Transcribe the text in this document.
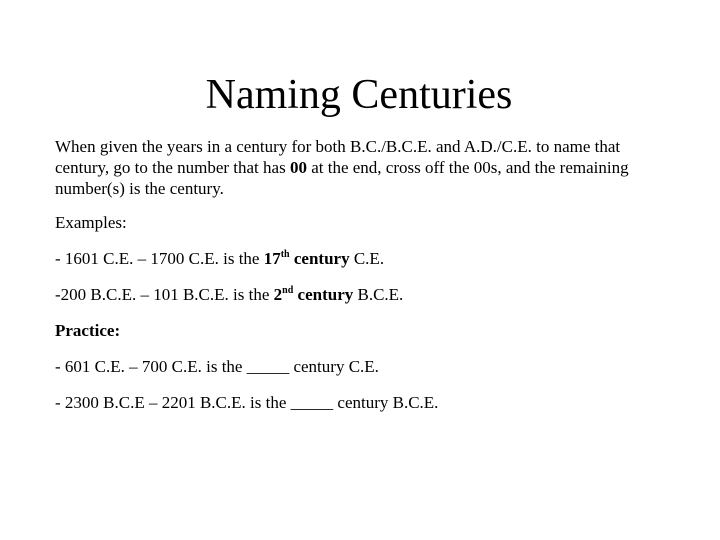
Naming Centuries

When given the years in a century for both B.C./B.C.E. and A.D./C.E. to name that century, go to the number that has 00 at the end, cross off the 00s, and the remaining number(s) is the century.

Examples:

- 1601 C.E. – 1700 C.E. is the 17th century C.E.

-200 B.C.E. – 101 B.C.E. is the 2nd century B.C.E.

Practice:

- 601 C.E. – 700 C.E. is the _____ century C.E.

- 2300 B.C.E – 2201 B.C.E. is the _____ century B.C.E.
